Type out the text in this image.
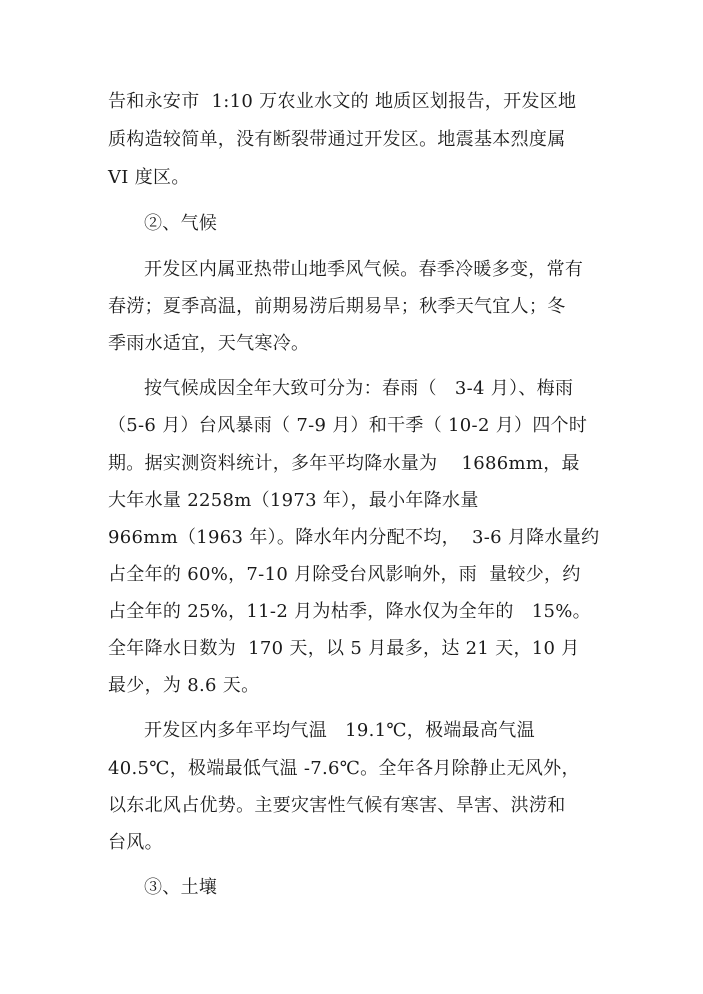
告和永安市  1:10 万农业水文的 地质区划报告，开发区地
质构造较简单，没有断裂带通过开发区。地震基本烈度属
VI 度区。
②、气候
开发区内属亚热带山地季风气候。春季冷暖多变，常有
春涝；夏季高温，前期易涝后期易旱；秋季天气宜人；冬
季雨水适宜，天气寒冷。
按气候成因全年大致可分为：春雨（   3-4 月）、梅雨
（5-6 月）台风暴雨（ 7-9 月）和干季（ 10-2 月）四个时
期。据实测资料统计，多年平均降水量为    1686mm，最
大年水量 2258m（1973 年），最小年降水量
966mm（1963 年）。降水年内分配不均，  3-6 月降水量约
占全年的 60%，7-10 月除受台风影响外，雨  量较少，约
占全年的 25%，11-2 月为枯季，降水仅为全年的   15%。
全年降水日数为  170 天，以 5 月最多，达 21 天，10 月
最少，为 8.6 天。
开发区内多年平均气温   19.1℃，极端最高气温
40.5℃，极端最低气温 -7.6℃。全年各月除静止无风外，
以东北风占优势。主要灾害性气候有寒害、旱害、洪涝和
台风。
③、土壤
